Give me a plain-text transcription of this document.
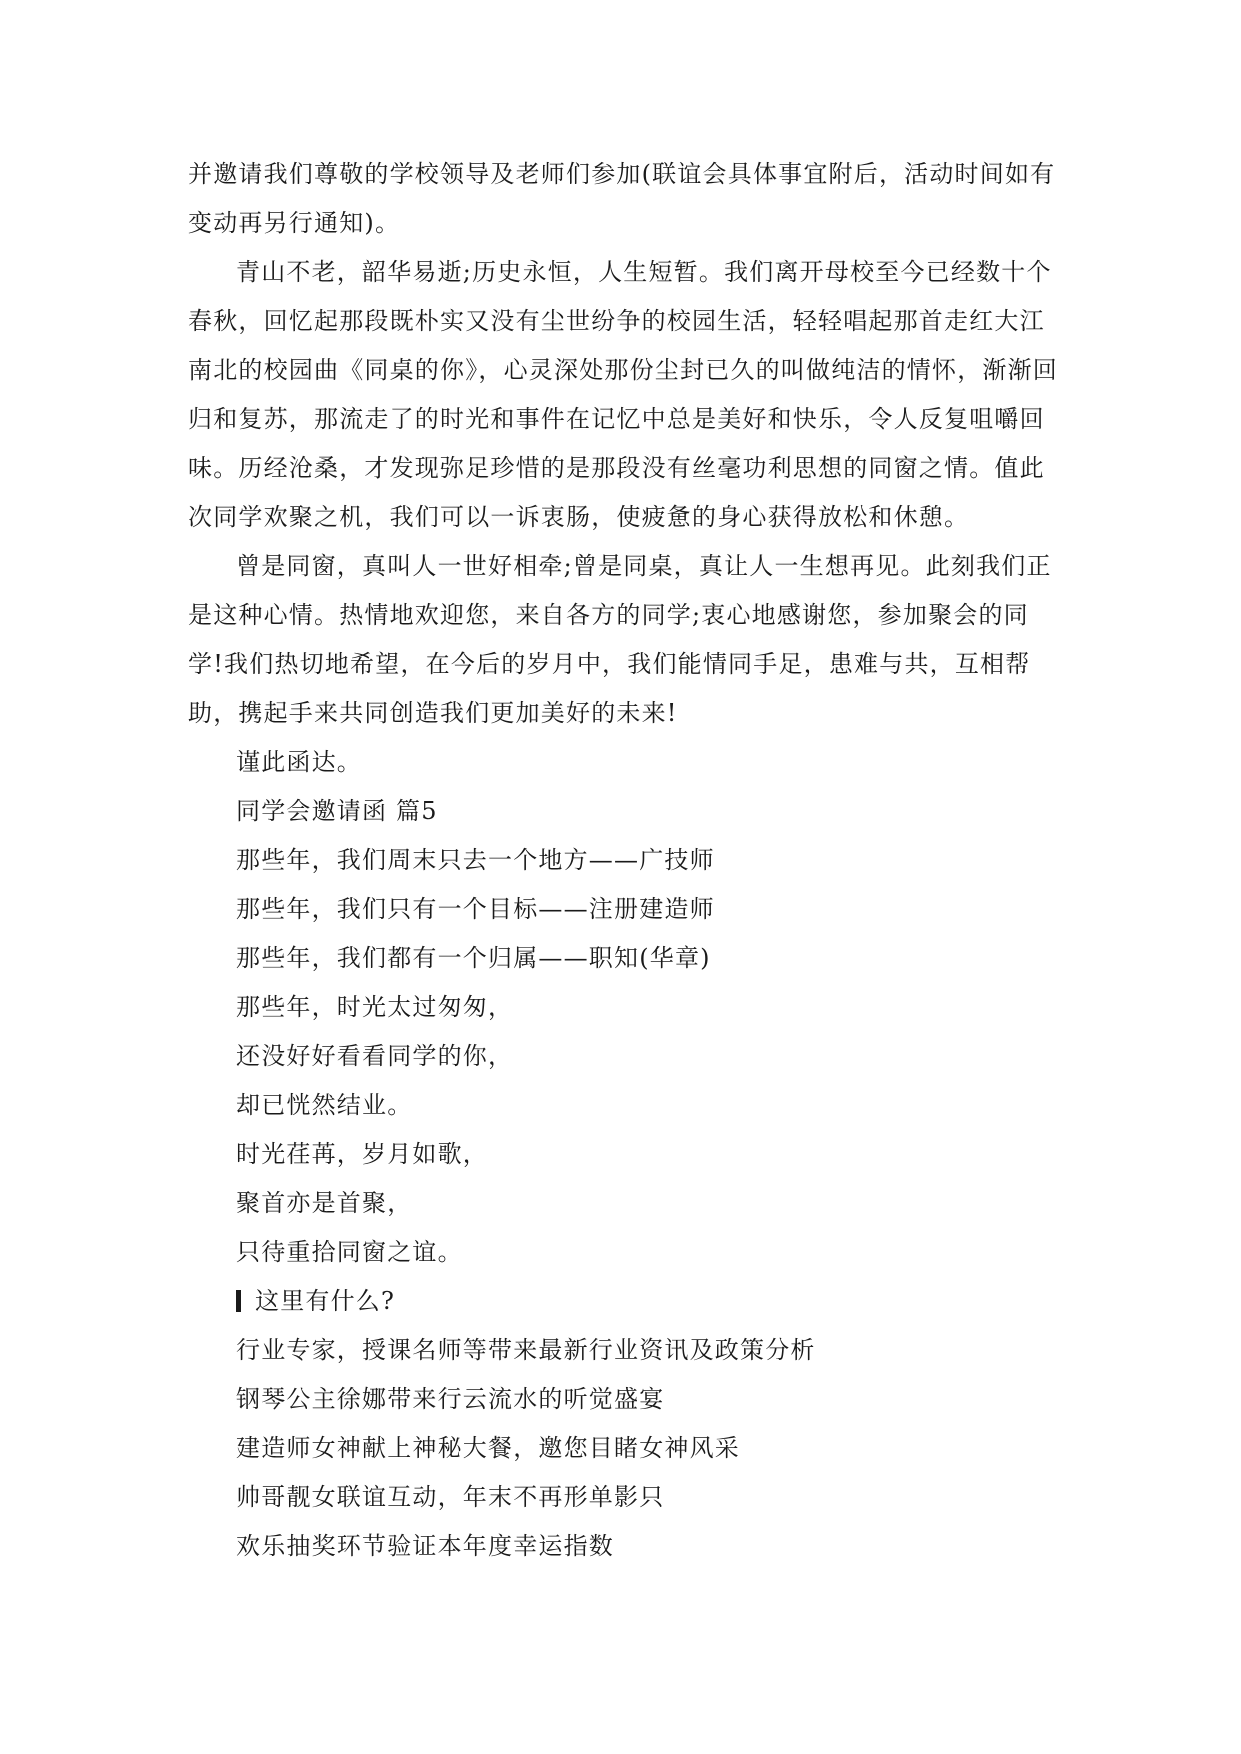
并邀请我们尊敬的学校领导及老师们参加(联谊会具体事宜附后，活动时间如有变动再另行通知)。

青山不老，韶华易逝;历史永恒，人生短暂。我们离开母校至今已经数十个春秋，回忆起那段既朴实又没有尘世纷争的校园生活，轻轻唱起那首走红大江南北的校园曲《同桌的你》，心灵深处那份尘封已久的叫做纯洁的情怀，渐渐回归和复苏，那流走了的时光和事件在记忆中总是美好和快乐，令人反复咀嚼回味。历经沧桑，才发现弥足珍惜的是那段没有丝毫功利思想的同窗之情。值此次同学欢聚之机，我们可以一诉衷肠，使疲惫的身心获得放松和休憩。

曾是同窗，真叫人一世好相牵;曾是同桌，真让人一生想再见。此刻我们正是这种心情。热情地欢迎您，来自各方的同学;衷心地感谢您，参加聚会的同学!我们热切地希望，在今后的岁月中，我们能情同手足，患难与共，互相帮助，携起手来共同创造我们更加美好的未来!

谨此函达。

同学会邀请函 篇5

那些年，我们周末只去一个地方——广技师

那些年，我们只有一个目标——注册建造师

那些年，我们都有一个归属——职知(华章)

那些年，时光太过匆匆，

还没好好看看同学的你，

却已恍然结业。

时光荏苒，岁月如歌，

聚首亦是首聚，

只待重拾同窗之谊。

这里有什么?

行业专家，授课名师等带来最新行业资讯及政策分析

钢琴公主徐娜带来行云流水的听觉盛宴

建造师女神献上神秘大餐，邀您目睹女神风采

帅哥靓女联谊互动，年末不再形单影只

欢乐抽奖环节验证本年度幸运指数
